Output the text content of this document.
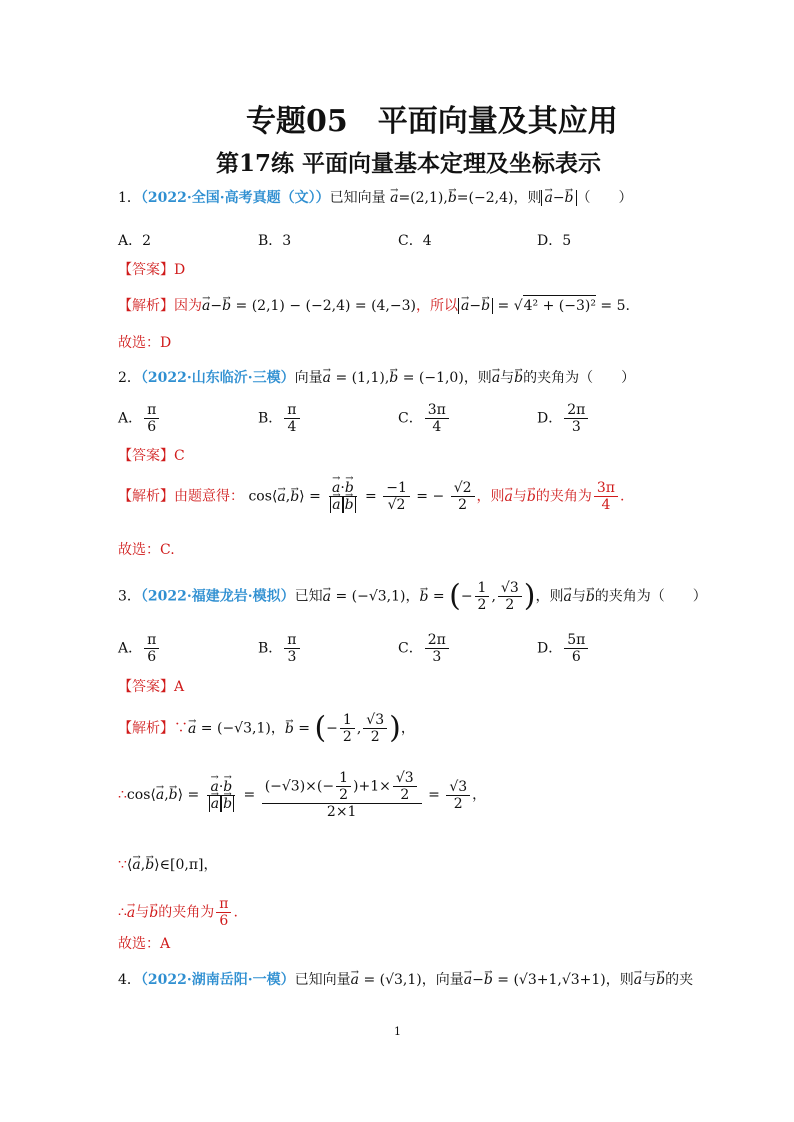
专题05　平面向量及其应用
第17练 平面向量基本定理及坐标表示
1．（2022·全国·高考真题（文））已知向量 → a=(2,1),→ b=(−2,4)，则 → a−→ b （　　）
A．2	B．3	C．4	D．5
【答案】D
【解析】因为→ a−→ b = (2,1) − (−2,4) = (4,−3)，所以 → a−→ b = √4² + (−3)² = 5.
故选：D
2．（2022·山东临沂·三模）向量→ a = (1,1),→ b = (−1,0)，则→ a与→ b的夹角为（　　）
A． $\frac{\pi}{6}$	B． $\frac{\pi}{4}$	C． $\frac{3\pi}{4}$	D． $\frac{2\pi}{3}$
【答案】C
【解析】由题意得： cos⟨→ a,→ b⟩ = → a·→ b
→ $a \to b = \frac{-1}{√2}$ = − $\frac{√2}{2}$ ，则→ a与→ b的夹角为 $\frac{3\pi}{4}$ .
故选：C.
3．（2022·福建龙岩·模拟）已知→ a = (−√3,1)，→ b = (− $\frac{1}{2}$ , $\frac{√3}{2}$ )，则→ a与→ b的夹角为（　　）
A． $\frac{\pi}{6}$	B． $\frac{\pi}{3}$	C． $\frac{2\pi}{3}$	D． $\frac{5\pi}{6}$
【答案】A
【解析】∵→ a = (−√3,1)，→ b = (− $\frac{1}{2}$ , $\frac{√3}{2}$ )，
∴cos⟨→ a,→ b⟩ = → a·→ b
→ $a \to b = \frac{(-√3)\times(- \frac{1}{2} )+1\times \frac{√3}{2}}{2\times 1} = \frac{√3}{2}$ ，
∵⟨→ a,→ b⟩∈[0,π]，
∴→ a与→ b的夹角为 $\frac{\pi}{6}$ .
故选：A
4．（2022·湖南岳阳·一模）已知向量→ a = (√3,1)，向量→ a−→ b = (√3+1,√3+1)，则→ a与→ b的夹
1
